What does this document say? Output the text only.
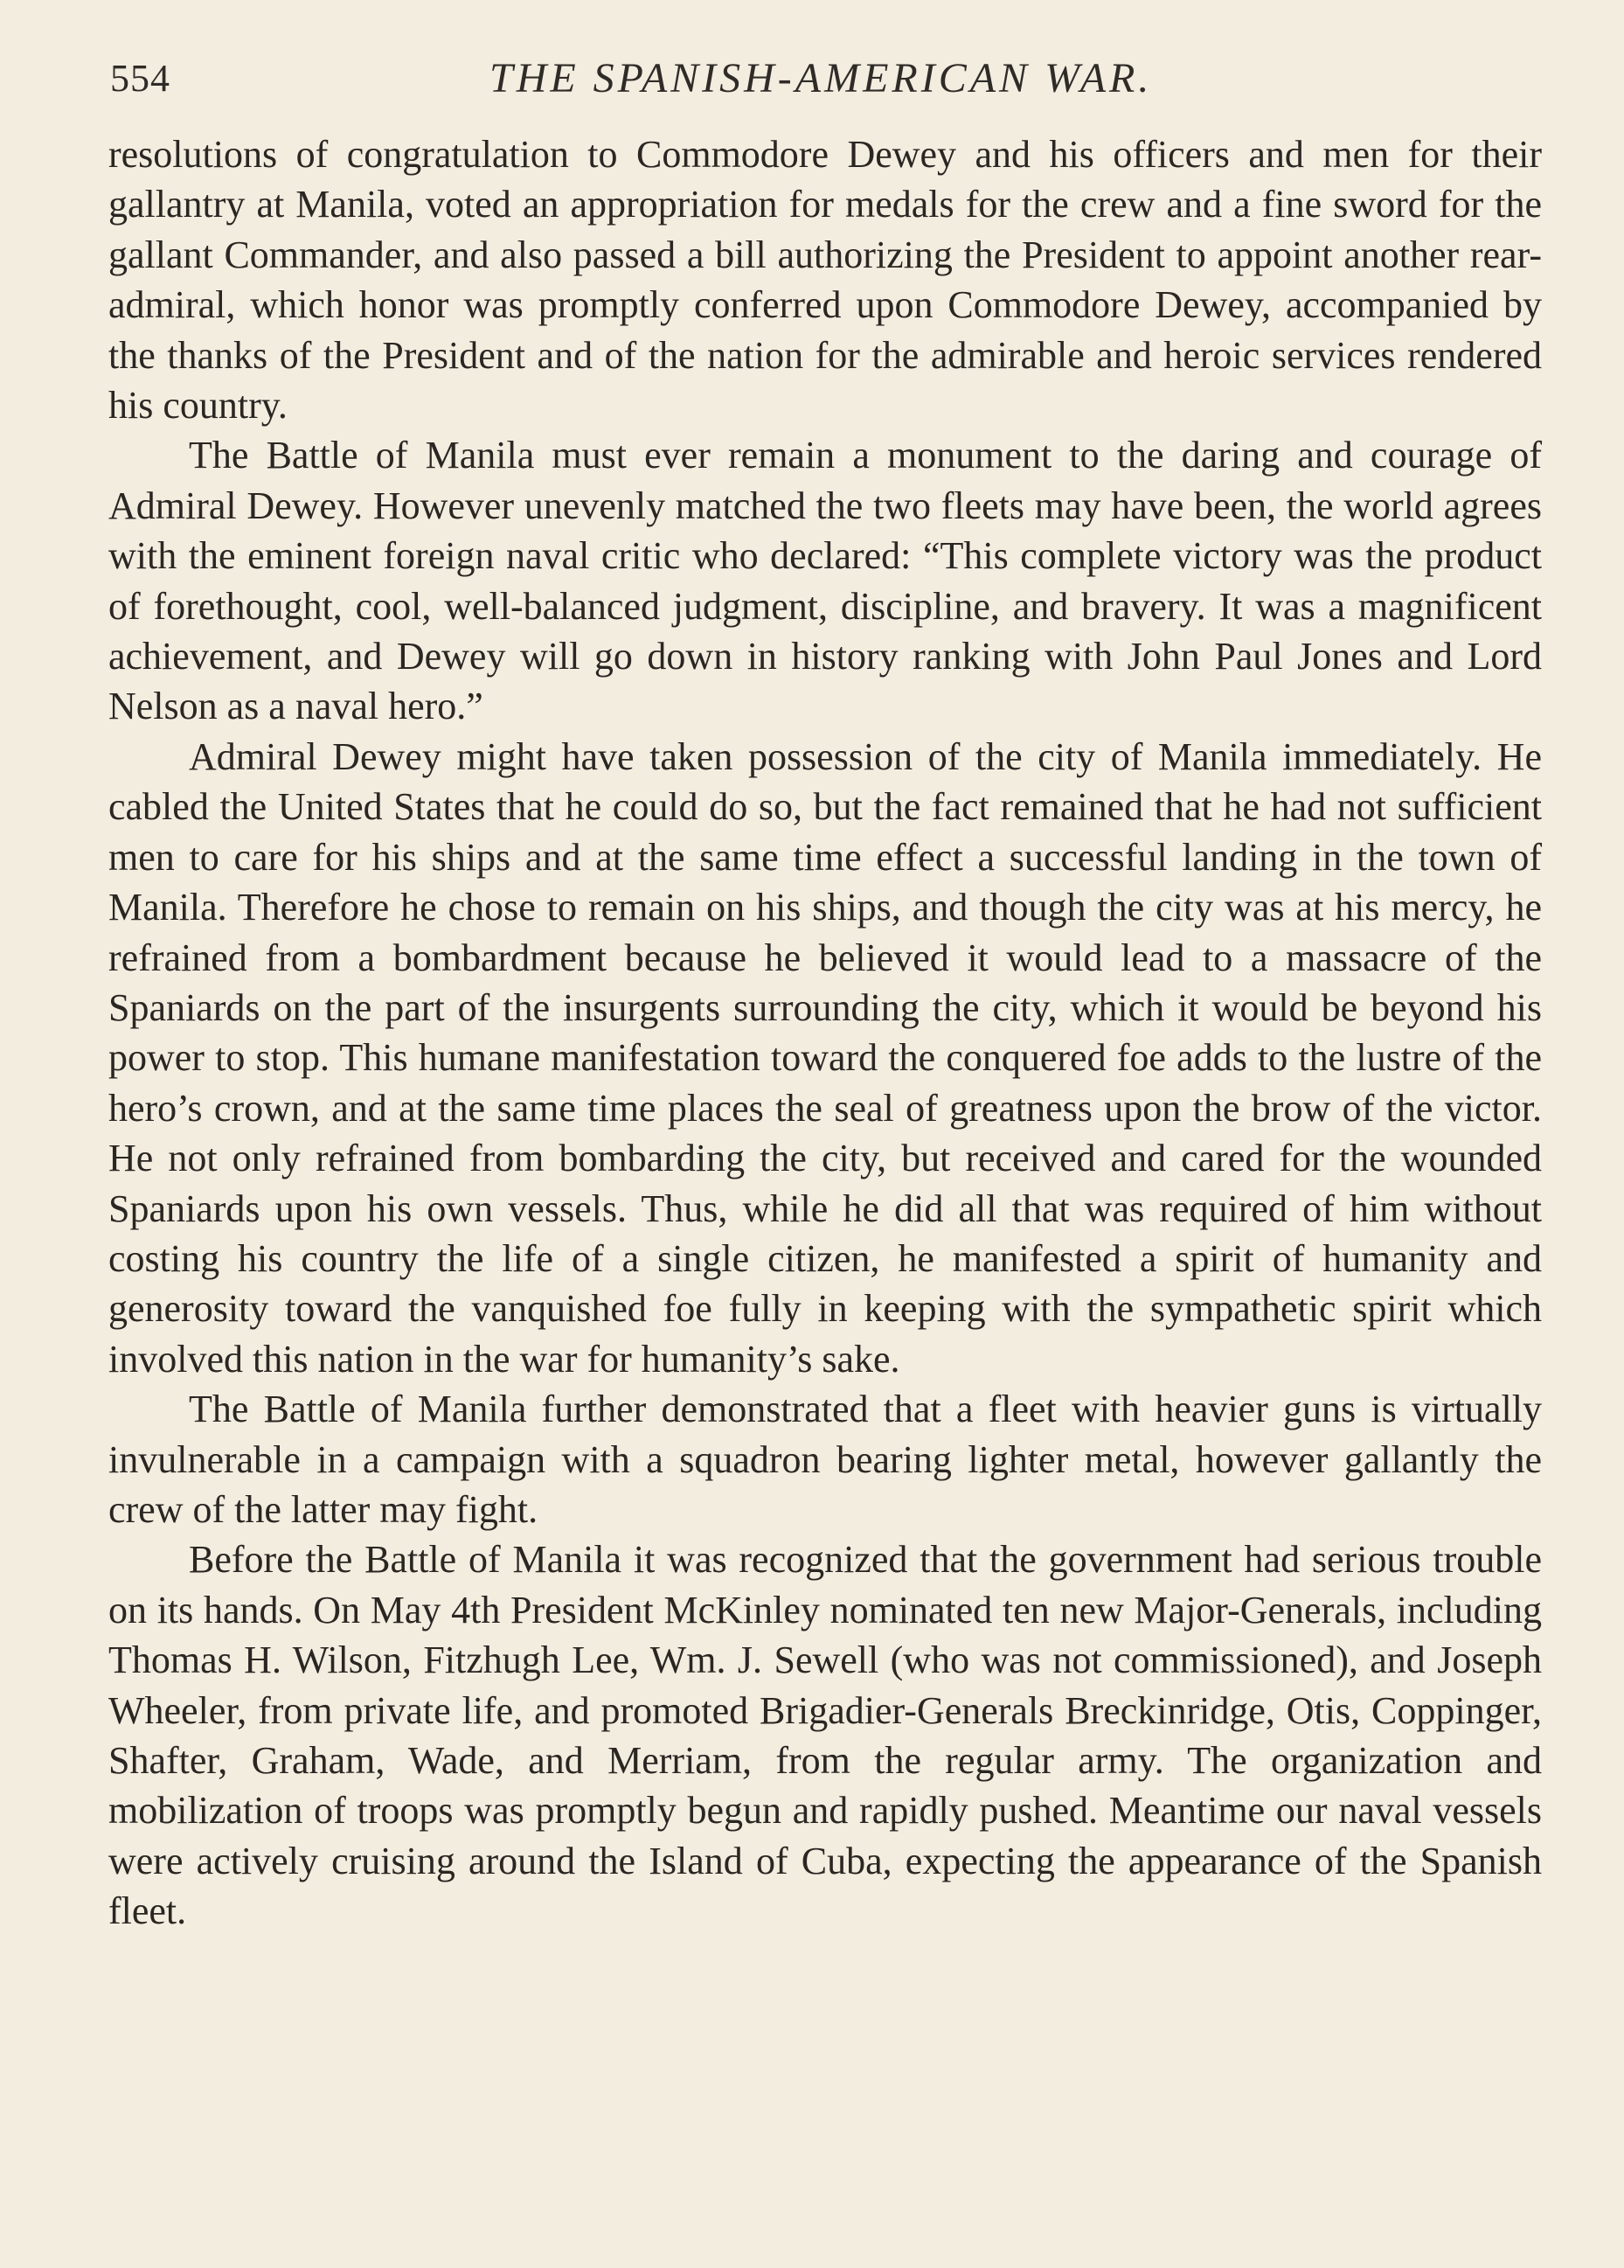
554	THE SPANISH-AMERICAN WAR.

resolutions of congratulation to Commodore Dewey and his officers and men for their gallantry at Manila, voted an appropriation for medals for the crew and a fine sword for the gallant Commander, and also passed a bill authorizing the President to appoint another rear-admiral, which honor was promptly conferred upon Commodore Dewey, accompanied by the thanks of the President and of the nation for the admirable and heroic services rendered his country.

The Battle of Manila must ever remain a monument to the daring and courage of Admiral Dewey. However unevenly matched the two fleets may have been, the world agrees with the eminent foreign naval critic who declared: “This complete victory was the product of forethought, cool, well-balanced judgment, discipline, and bravery. It was a magnificent achievement, and Dewey will go down in history ranking with John Paul Jones and Lord Nelson as a naval hero.”

Admiral Dewey might have taken possession of the city of Manila immediately. He cabled the United States that he could do so, but the fact remained that he had not sufficient men to care for his ships and at the same time effect a successful landing in the town of Manila. Therefore he chose to remain on his ships, and though the city was at his mercy, he refrained from a bombardment because he believed it would lead to a massacre of the Spaniards on the part of the insurgents surrounding the city, which it would be beyond his power to stop. This humane manifestation toward the conquered foe adds to the lustre of the hero’s crown, and at the same time places the seal of greatness upon the brow of the victor. He not only refrained from bombarding the city, but received and cared for the wounded Spaniards upon his own vessels. Thus, while he did all that was required of him without costing his country the life of a single citizen, he manifested a spirit of humanity and generosity toward the vanquished foe fully in keeping with the sympathetic spirit which involved this nation in the war for humanity’s sake.

The Battle of Manila further demonstrated that a fleet with heavier guns is virtually invulnerable in a campaign with a squadron bearing lighter metal, however gallantly the crew of the latter may fight.

Before the Battle of Manila it was recognized that the government had serious trouble on its hands. On May 4th President McKinley nominated ten new Major-Generals, including Thomas H. Wilson, Fitzhugh Lee, Wm. J. Sewell (who was not commissioned), and Joseph Wheeler, from private life, and promoted Brigadier-Generals Breckinridge, Otis, Coppinger, Shafter, Graham, Wade, and Merriam, from the regular army. The organization and mobilization of troops was promptly begun and rapidly pushed. Meantime our naval vessels were actively cruising around the Island of Cuba, expecting the appearance of the Spanish fleet.
